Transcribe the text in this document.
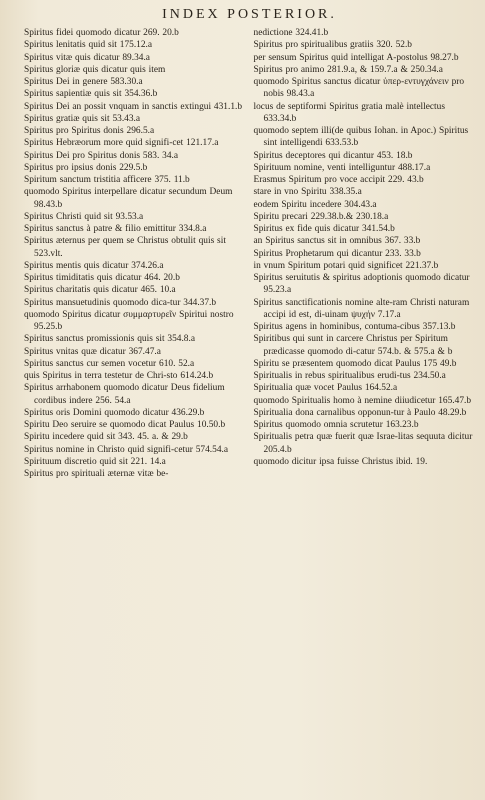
INDEX POSTERIOR.
Spiritus fidei quomodo dicatur 269. 20.b
Spiritus lenitatis quid sit 175.12.a
Spiritus vitæ quis dicatur 89.34.a
Spiritus gloriæ quis dicatur quis item
Spiritus Dei in genere 583.30.a
Spiritus sapientiæ quis sit 354.36.b
Spiritus Dei an possit vnquam in sanctis extingui 431.1.b
Spiritus gratiæ quis sit 53.43.a
Spiritus pro Spiritus donis 296.5.a
Spiritus Hebræorum more quid signifi-cet 121.17.a
Spiritus Dei pro Spiritus donis 583. 34.a
Spiritus pro ipsius donis 229.5.b
Spiritum sanctum tristitia afficere 375. 11.b
quomodo Spiritus interpellare dicatur secundum Deum 98.43.b
Spiritus Christi quid sit 93.53.a
Spiritus sanctus à patre & filio emittitur 334.8.a
Spiritus æternus per quem se Christus obtulit quis sit 523.vlt.
Spiritus mentis quis dicatur 374.26.a
Spiritus timiditatis quis dicatur 464. 20.b
Spiritus charitatis quis dicatur 465. 10.a
Spiritus mansuetudinis quomodo dica-tur 344.37.b
quomodo Spiritus dicatur συμμαρτυρεῖν Spiritui nostro 95.25.b
Spiritus sanctus promissionis quis sit 354.8.a
Spiritus vnitas quæ dicatur 367.47.a
Spiritus sanctus cur semen vocetur 610. 52.a
quis Spiritus in terra testetur de Chri-sto 614.24.b
Spiritus arrhabonem quomodo dicatur Deus fidelium cordibus indere 256. 54.a
Spiritus oris Domini quomodo dicatur 436.29.b
Spiritu Deo seruire se quomodo dicat Paulus 10.50.b
Spiritu incedere quid sit 343. 45. a. & 29.b
Spiritus nomine in Christo quid signifi-cetur 574.54.a
Spirituum discretio quid sit 221. 14.a
Spiritus pro spirituali æternæ vitæ be-
nedictione 324.41.b
Spiritus pro spiritualibus gratiis 320. 52.b
per sensum Spiritus quid intelligat A-postolus 98.27.b
Spiritus pro animo 281.9.a, & 159.7.a & 250.34.a
quomodo Spiritus sanctus dicatur ὑπερ-εντυγχάνειν pro nobis 98.43.a
locus de septiformi Spiritus gratia malè intellectus 633.34.b
quomodo septem illi(de quibus Iohan. in Apoc.) Spiritus sint intelligendi 633.53.b
Spiritus deceptores qui dicantur 453. 18.b
Spirituum nomine, venti intelliguntur 488.17.a
Erasmus Spiritum pro voce accipit 229. 43.b
stare in vno Spiritu 338.35.a
eodem Spiritu incedere 304.43.a
Spiritu precari 229.38.b.& 230.18.a
Spiritus ex fide quis dicatur 341.54.b
an Spiritus sanctus sit in omnibus 367. 33.b
Spiritus Prophetarum qui dicantur 233. 33.b
in vnum Spiritum potari quid significet 221.37.b
Spiritus seruitutis & spiritus adoptionis quomodo dicatur 95.23.a
Spiritus sanctificationis nomine alte-ram Christi naturam accipi id est, di-uinam ψυχήν 7.17.a
Spiritus agens in hominibus, contuma-cibus 357.13.b
Spiritibus qui sunt in carcere Christus per Spiritum prædicasse quomodo di-catur 574.b. & 575.a & b
Spiritu se præsentem quomodo dicat Paulus 175 49.b
Spiritualis in rebus spiritualibus erudi-tus 234.50.a
Spiritualia quæ vocet Paulus 164.52.a
quomodo Spiritualis homo à nemine diiudicetur 165.47.b
Spiritualia dona carnalibus opponun-tur à Paulo 48.29.b
Spiritus quomodo omnia scrutetur 163.23.b
Spiritualis petra quæ fuerit quæ Israe-litas sequuta dicitur 205.4.b
quomodo dicitur ipsa fuisse Christus ibid. 19.
